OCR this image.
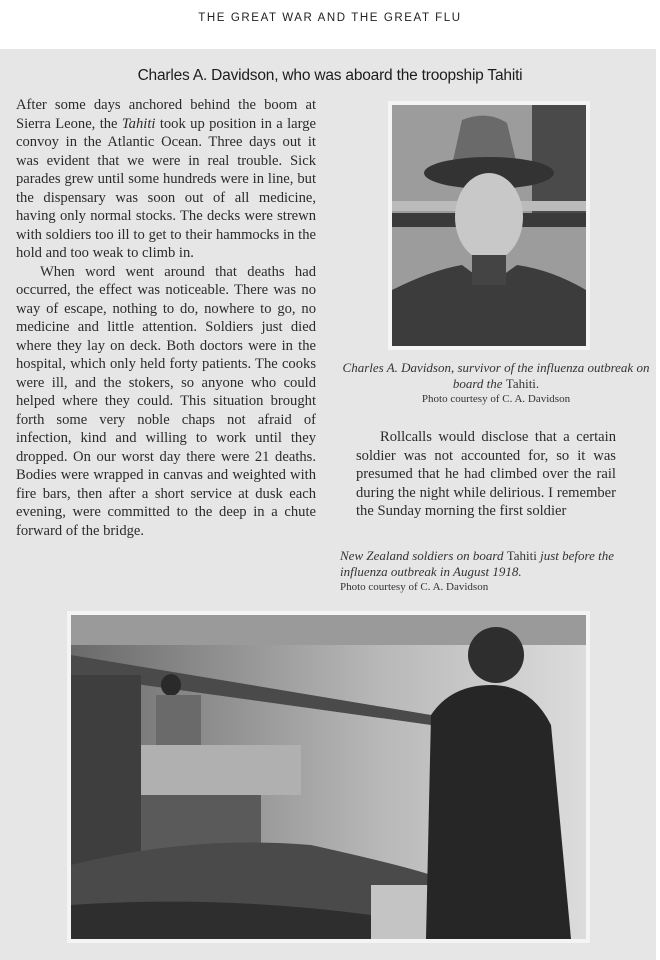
THE GREAT WAR AND THE GREAT FLU
Charles A. Davidson, who was aboard the troopship Tahiti

After some days anchored behind the boom at Sierra Leone, the Tahiti took up position in a large convoy in the Atlantic Ocean. Three days out it was evident that we were in real trouble. Sick parades grew until some hundreds were in line, but the dispensary was soon out of all medicine, having only normal stocks. The decks were strewn with soldiers too ill to get to their hammocks in the hold and too weak to climb in.

When word went around that deaths had occurred, the effect was noticeable. There was no way of escape, nothing to do, nowhere to go, no medicine and little attention. Soldiers just died where they lay on deck. Both doctors were in the hospital, which only held forty patients. The cooks were ill, and the stokers, so anyone who could helped where they could. This situation brought forth some very noble chaps not afraid of infection, kind and willing to work until they dropped. On our worst day there were 21 deaths. Bodies were wrapped in canvas and weighted with fire bars, then after a short service at dusk each evening, were committed to the deep in a chute forward of the bridge.

Charles A. Davidson, survivor of the influenza outbreak on board the Tahiti.
Photo courtesy of C. A. Davidson

Rollcalls would disclose that a certain soldier was not accounted for, so it was presumed that he had climbed over the rail during the night while delirious. I remember the Sunday morning the first soldier

New Zealand soldiers on board Tahiti just before the influenza outbreak in August 1918.
Photo courtesy of C. A. Davidson
